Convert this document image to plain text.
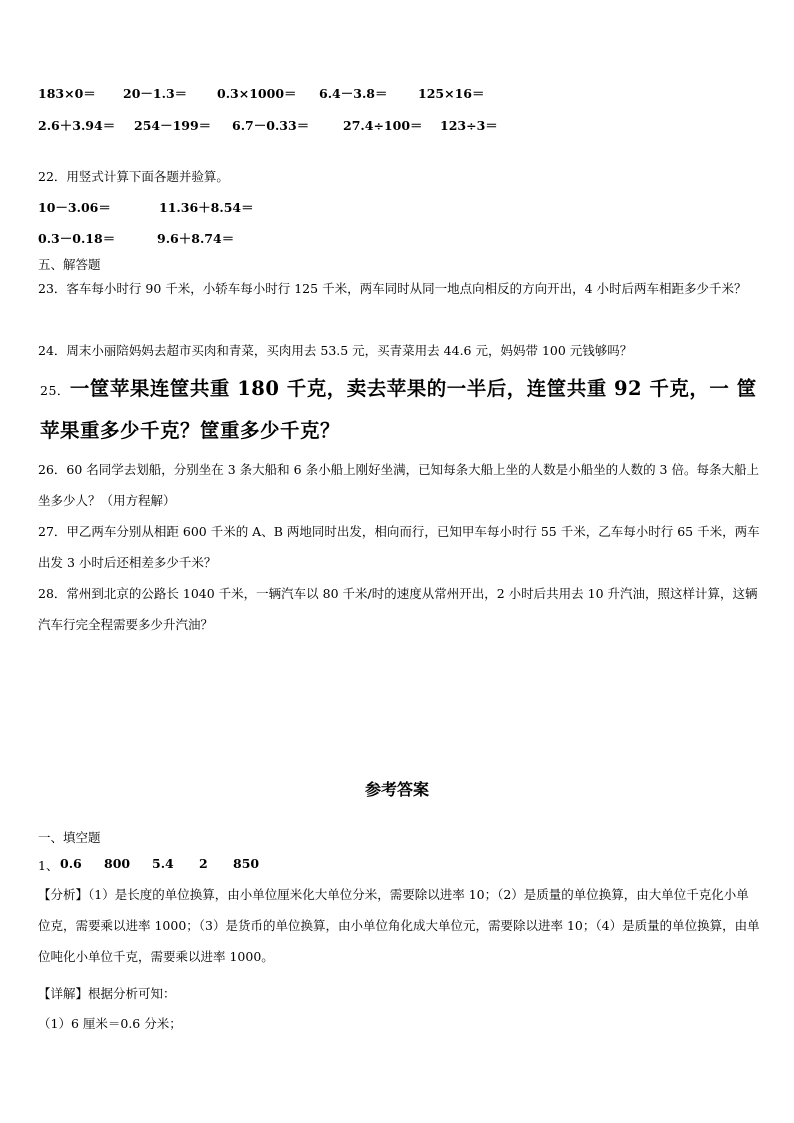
183×0＝ 20－1.3＝ 0.3×1000＝ 6.4－3.8＝ 125×16＝
2.6＋3.94＝ 254－199＝ 6.7－0.33＝	27.4÷100＝ 123÷3＝
22．用竖式计算下面各题并验算。
10－3.06＝	11.36＋8.54＝
0.3－0.18＝	9.6＋8.74＝
五、解答题
23．客车每小时行 90 千米，小轿车每小时行 125 千米，两车同时从同一地点向相反的方向开出，4 小时后两车相距多少千米？
24．周末小丽陪妈妈去超市买肉和青菜，买肉用去 53.5 元，买青菜用去 44.6 元，妈妈带 100 元钱够吗？
25．一筐苹果连筐共重 180 千克，卖去苹果的一半后，连筐共重 92 千克，一 筐苹果重多少千克？筐重多少千克？
26．60 名同学去划船，分别坐在 3 条大船和 6 条小船上刚好坐满，已知每条大船上坐的人数是小船坐的人数的 3 倍。每条大船上坐多少人？（用方程解）
27．甲乙两车分别从相距 600 千米的 A、B 两地同时出发，相向而行，已知甲车每小时行 55 千米，乙车每小时行 65 千米，两车出发 3 小时后还相差多少千米？
28．常州到北京的公路长 1040 千米，一辆汽车以 80 千米/时的速度从常州开出，2 小时后共用去 10 升汽油，照这样计算，这辆汽车行完全程需要多少升汽油？
参考答案
一、填空题
1、 0.6 800 5.4 2 850
【分析】（1）是长度的单位换算，由小单位厘米化大单位分米，需要除以进率 10；（2）是质量的单位换算，由大单位千克化小单位克，需要乘以进率 1000；（3）是货币的单位换算，由小单位角化成大单位元，需要除以进率 10；（4）是质量的单位换算，由单位吨化小单位千克，需要乘以进率 1000。
【详解】根据分析可知：
（1）6 厘米＝0.6 分米；
